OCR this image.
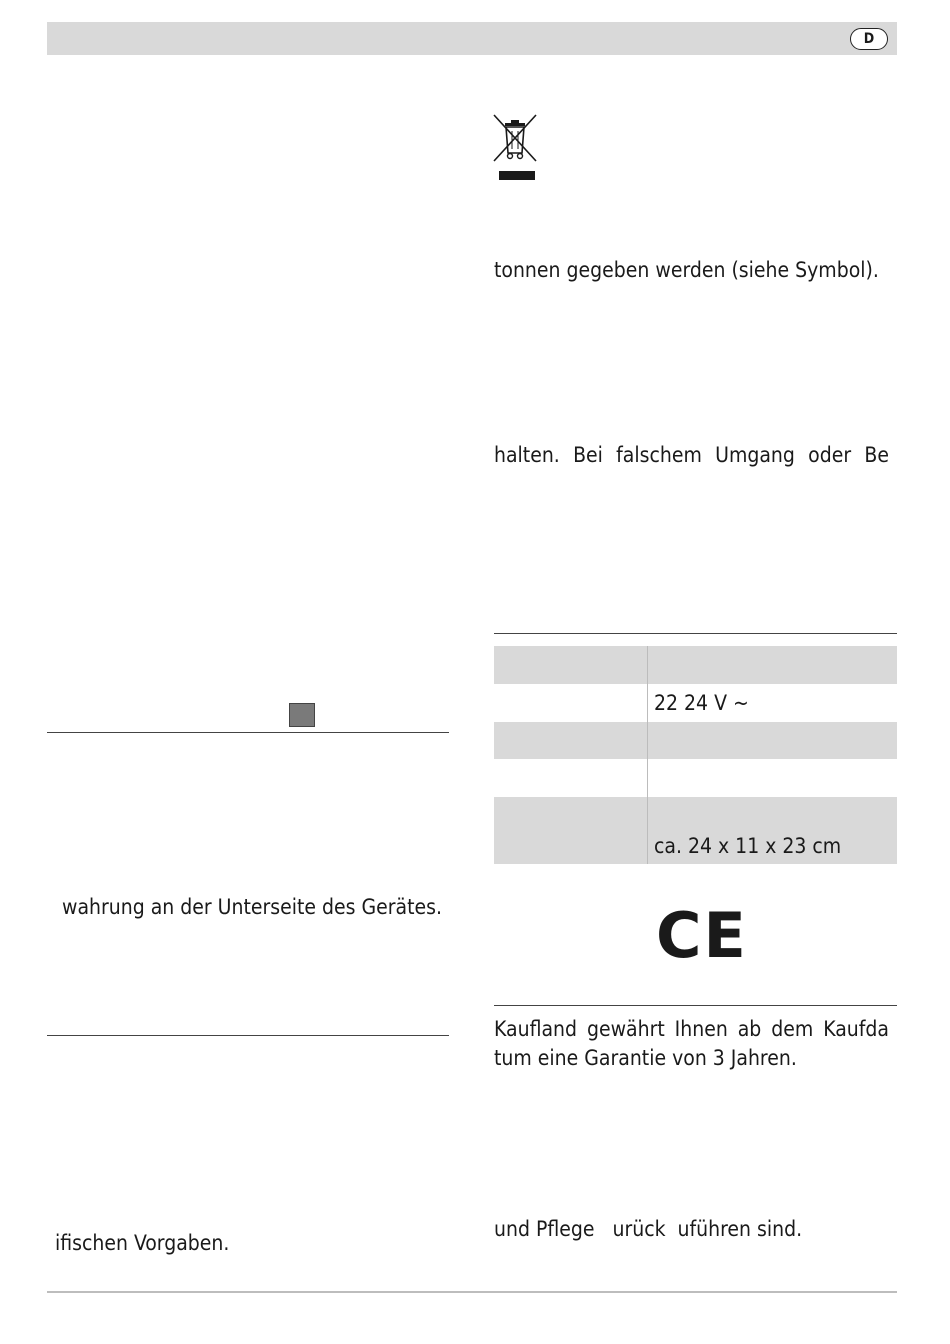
D
wahrung an der Unterseite des Gerätes.
ifischen Vorgaben.
tonnen gegeben werden (siehe Symbol).
halten. Bei falschem Umgang oder Be
22 24 V ~
ca. 24 x 11 x 23 cm
CE
Kaufland gewährt Ihnen ab dem Kaufda
tum eine Garantie von 3 Jahren.
und Pflege   urück  uführen sind.
